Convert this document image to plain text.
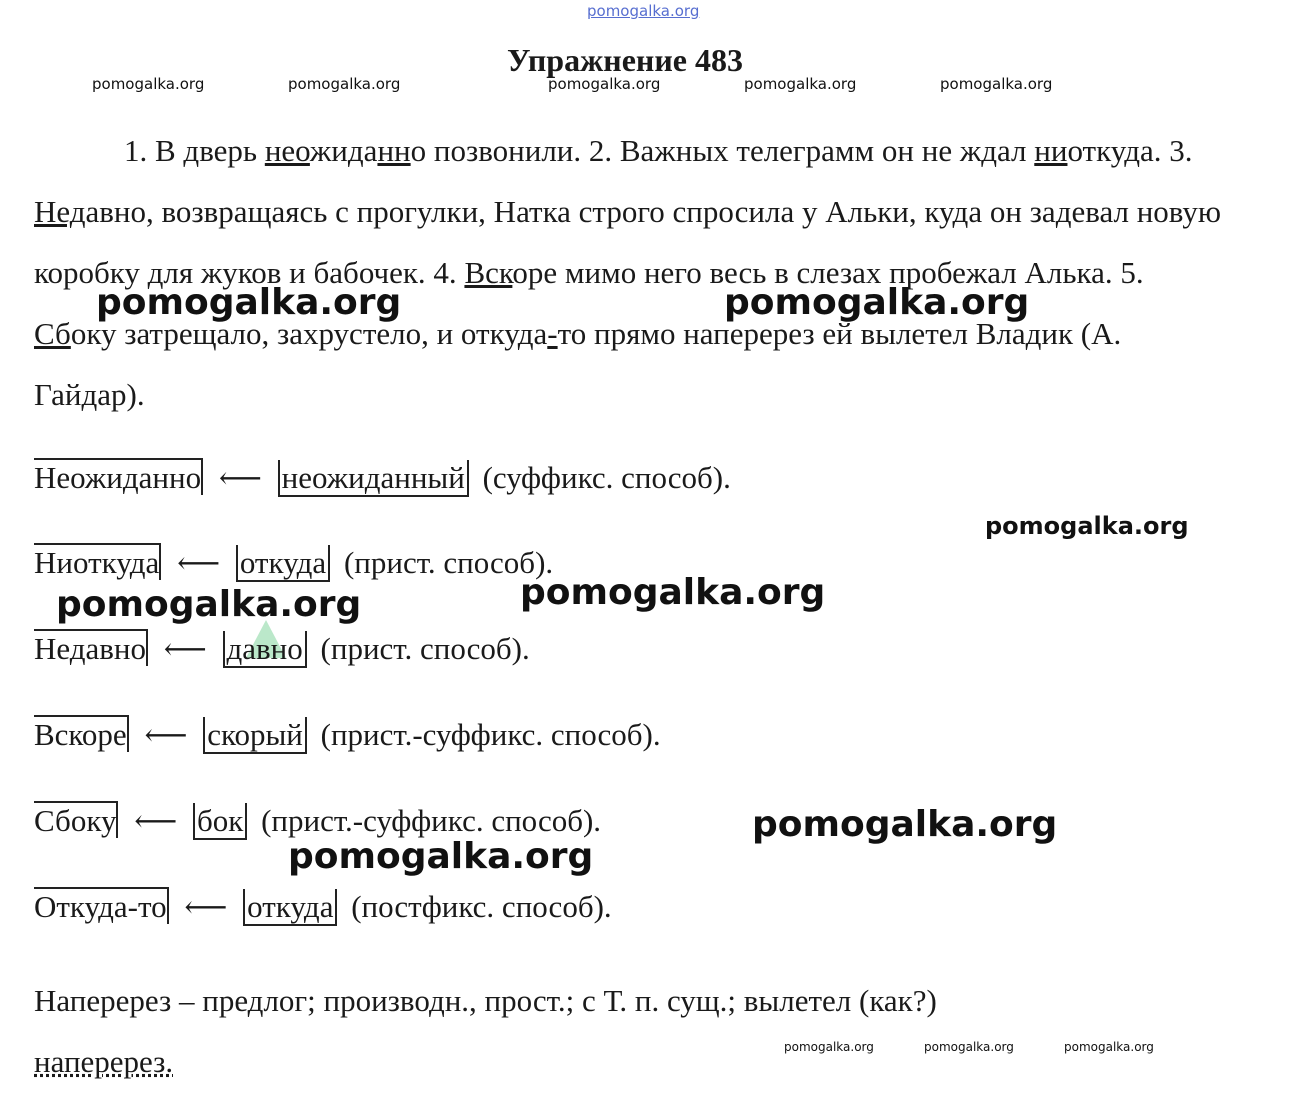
pomogalka.org
Упражнение 483
pomogalka.org	pomogalka.org	pomogalka.org	pomogalka.org	pomogalka.org

1. В дверь неожиданно позвонили. 2. Важных телеграмм он не ждал ниоткуда. 3. Недавно, возвращаясь с прогулки, Натка строго спросила у Альки, куда он задевал новую коробку для жуков и бабочек. 4. Вскоре мимо него весь в слезах пробежал Алька. 5. Сбоку затрещало, захрустело, и откуда-то прямо наперерез ей вылетел Владик (А. Гайдар).

pomogalka.org	pomogalka.org
Неожиданно ⟵ неожиданный (суффикс. способ).
pomogalka.org
Ниоткуда ⟵ откуда (прист. способ).
pomogalka.org	pomogalka.org
Недавно ⟵ давно (прист. способ).
Вскоре ⟵ скорый (прист.-суффикс. способ).
Сбоку ⟵ бок (прист.-суффикс. способ).	pomogalka.org
pomogalka.org
Откуда-то ⟵ откуда (постфикс. способ).
Наперерез – предлог; производн., прост.; с Т. п. сущ.; вылетел (как?)
наперерез.	pomogalka.org	pomogalka.org	pomogalka.org
